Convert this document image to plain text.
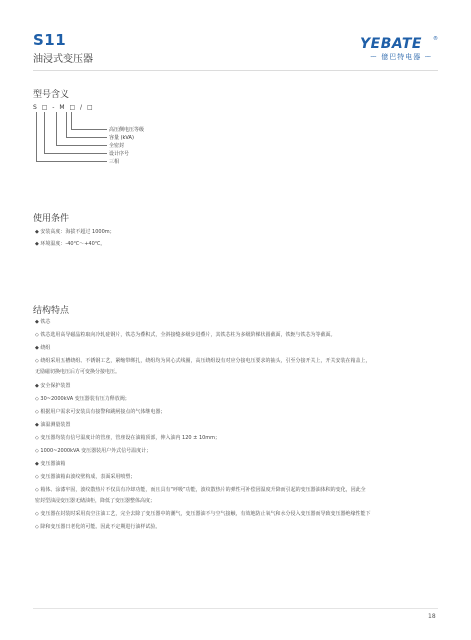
S11
油浸式变压器
YEBATE ®
ー 億巴特电器 ー
型号含义
S □ - M □ / □
高压侧电压等级
容量 (kVA)
全密封
设计序号
三相
使用条件
◆ 安装高度：海拔不超过 1000m；
◆ 环境温度：-40℃～+40℃。
结构特点
◆ 铁芯
◇ 铁芯选用高导磁晶粒取向冷轧硅钢片，铁芯为叠积式，全斜接缝多级步进叠片，其铁芯柱为多级阶梯状圆截面，铁轭与铁芯为等截面。
◆ 绕组
◇ 绕组采用五槽绕组、不锈钢工艺，紧缩带绑扎，绕组均为同心式线圈，高压绕组设有对应分接电压要求的抽头，引至分接开关上，开关安装在箱盖上，
无励磁切换电压后方可变换分接电压。
◆ 安全保护装置
◇ 30~2000kVA 变压器装有压力释放阀；
◇ 根据用户需求可安装具有接警和跳闸接点的气体继电器；
◆ 油温测量装置
◇ 变压器均装有信号温度计的管座，管座设在油箱顶部，伸入油内 120 ± 10mm；
◇ 1000~2000kVA 变压器装用户外式信号温度计；
◆ 变压器油箱
◇ 变压器油箱由波纹壁构成，表面采用喷塑；
◇ 箱体、涂漆牢固，波纹散热片不仅具有冷却功能，而且具有“呼吸”功能，波纹散热片的弹性可补偿因温度升降而引起的变压器油体积的变化，因此全
密封型油浸变压器无储油柜，降低了变压器整体高度；
◇ 变压器在封装时采用真空注油工艺，完全去除了变压器中的潮气，变压器油不与空气接触，有效地防止氧气和水分侵入变压器而导致变压器绝缘性能下
◇ 降和变压器日老化的可能。因此不定期进行油样试验。
18
